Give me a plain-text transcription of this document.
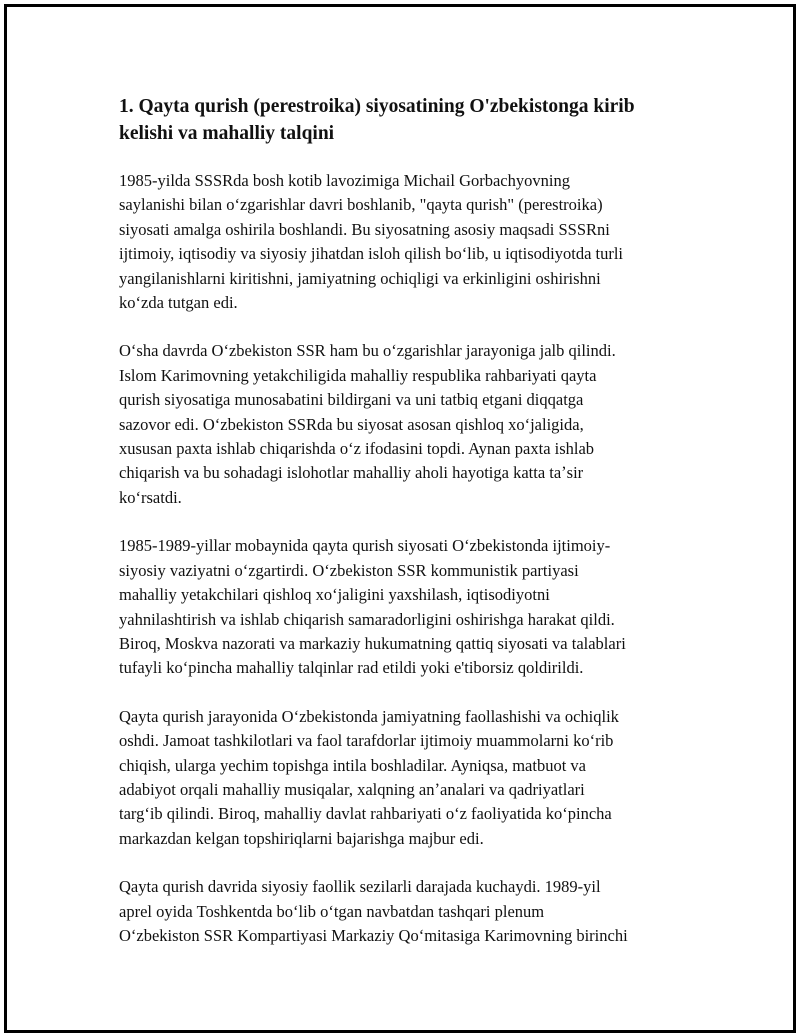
1. Qayta qurish (perestroika) siyosatining O'zbekistonga kirib
kelishi va mahalliy talqini

1985-yilda SSSRda bosh kotib lavozimiga Michail Gorbachyovning
saylanishi bilan oʻzgarishlar davri boshlanib, "qayta qurish" (perestroika)
siyosati amalga oshirila boshlandi. Bu siyosatning asosiy maqsadi SSSRni
ijtimoiy, iqtisodiy va siyosiy jihatdan isloh qilish boʻlib, u iqtisodiyotda turli
yangilanishlarni kiritishni, jamiyatning ochiqligi va erkinligini oshirishni
koʻzda tutgan edi.

Oʻsha davrda Oʻzbekiston SSR ham bu oʻzgarishlar jarayoniga jalb qilindi.
Islom Karimovning yetakchiligida mahalliy respublika rahbariyati qayta
qurish siyosatiga munosabatini bildirgani va uni tatbiq etgani diqqatga
sazovor edi. Oʻzbekiston SSRda bu siyosat asosan qishloq xoʻjaligida,
xususan paxta ishlab chiqarishda oʻz ifodasini topdi. Aynan paxta ishlab
chiqarish va bu sohadagi islohotlar mahalliy aholi hayotiga katta taʼsir
koʻrsatdi.

1985-1989-yillar mobaynida qayta qurish siyosati Oʻzbekistonda ijtimoiy-
siyosiy vaziyatni oʻzgartirdi. Oʻzbekiston SSR kommunistik partiyasi
mahalliy yetakchilari qishloq xoʻjaligini yaxshilash, iqtisodiyotni
yahnilashtirish va ishlab chiqarish samaradorligini oshirishga harakat qildi.
Biroq, Moskva nazorati va markaziy hukumatning qattiq siyosati va talablari
tufayli koʻpincha mahalliy talqinlar rad etildi yoki e'tiborsiz qoldirildi.

Qayta qurish jarayonida Oʻzbekistonda jamiyatning faollashishi va ochiqlik
oshdi. Jamoat tashkilotlari va faol tarafdorlar ijtimoiy muammolarni koʻrib
chiqish, ularga yechim topishga intila boshladilar. Ayniqsa, matbuot va
adabiyot orqali mahalliy musiqalar, xalqning anʼanalari va qadriyatlari
targʻib qilindi. Biroq, mahalliy davlat rahbariyati oʻz faoliyatida koʻpincha
markazdan kelgan topshiriqlarni bajarishga majbur edi.

Qayta qurish davrida siyosiy faollik sezilarli darajada kuchaydi. 1989-yil
aprel oyida Toshkentda boʻlib oʻtgan navbatdan tashqari plenum
Oʻzbekiston SSR Kompartiyasi Markaziy Qoʻmitasiga Karimovning birinchi
